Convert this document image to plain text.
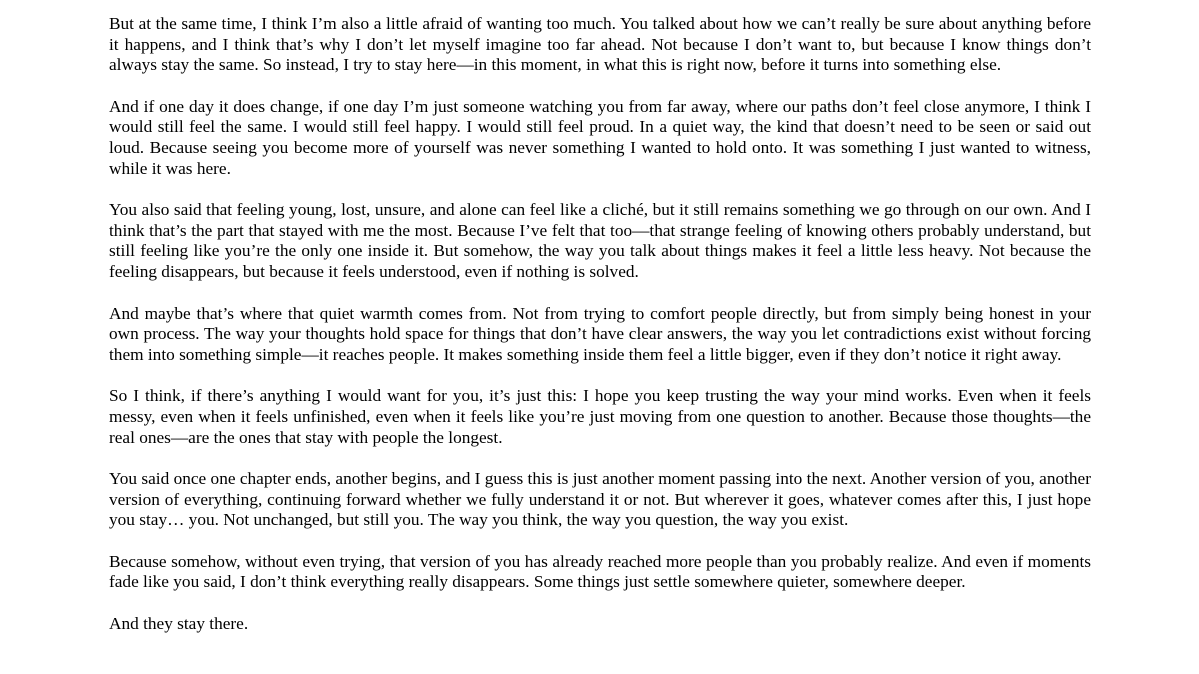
But at the same time, I think I’m also a little afraid of wanting too much. You talked about how we can’t really be sure about anything before it happens, and I think that’s why I don’t let myself imagine too far ahead. Not because I don’t want to, but because I know things don’t always stay the same. So instead, I try to stay here—in this moment, in what this is right now, before it turns into something else.

And if one day it does change, if one day I’m just someone watching you from far away, where our paths don’t feel close anymore, I think I would still feel the same. I would still feel happy. I would still feel proud. In a quiet way, the kind that doesn’t need to be seen or said out loud. Because seeing you become more of yourself was never something I wanted to hold onto. It was something I just wanted to witness, while it was here.

You also said that feeling young, lost, unsure, and alone can feel like a cliché, but it still remains something we go through on our own. And I think that’s the part that stayed with me the most. Because I’ve felt that too—that strange feeling of knowing others probably understand, but still feeling like you’re the only one inside it. But somehow, the way you talk about things makes it feel a little less heavy. Not because the feeling disappears, but because it feels understood, even if nothing is solved.

And maybe that’s where that quiet warmth comes from. Not from trying to comfort people directly, but from simply being honest in your own process. The way your thoughts hold space for things that don’t have clear answers, the way you let contradictions exist without forcing them into something simple—it reaches people. It makes something inside them feel a little bigger, even if they don’t notice it right away.

So I think, if there’s anything I would want for you, it’s just this: I hope you keep trusting the way your mind works. Even when it feels messy, even when it feels unfinished, even when it feels like you’re just moving from one question to another. Because those thoughts—the real ones—are the ones that stay with people the longest.

You said once one chapter ends, another begins, and I guess this is just another moment passing into the next. Another version of you, another version of everything, continuing forward whether we fully understand it or not. But wherever it goes, whatever comes after this, I just hope you stay… you. Not unchanged, but still you. The way you think, the way you question, the way you exist.

Because somehow, without even trying, that version of you has already reached more people than you probably realize. And even if moments fade like you said, I don’t think everything really disappears. Some things just settle somewhere quieter, somewhere deeper.

And they stay there.
